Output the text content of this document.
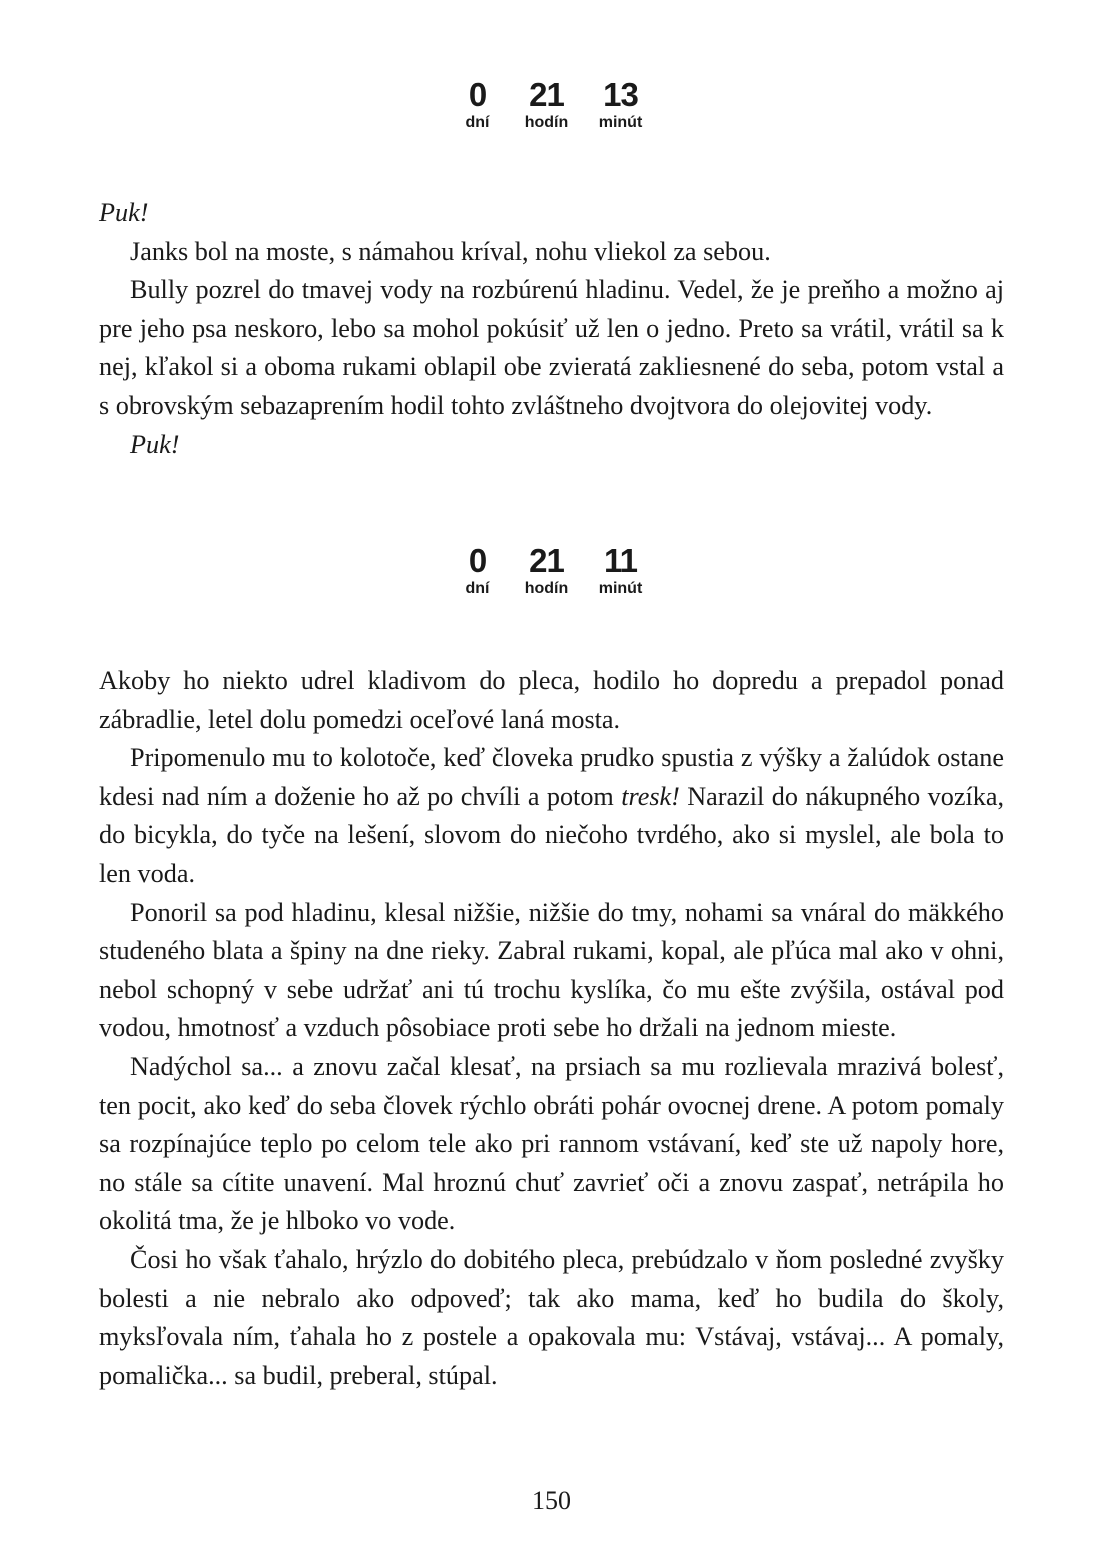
0
dní
21
hodín
13
minút

Puk!

Janks bol na moste, s námahou kríval, nohu vliekol za sebou.

Bully pozrel do tmavej vody na rozbúrenú hladinu. Vedel, že je preňho a možno aj pre jeho psa neskoro, lebo sa mohol pokúsiť už len o jedno. Preto sa vrátil, vrátil sa k nej, kľakol si a oboma rukami oblapil obe zvieratá zakliesnené do seba, potom vstal a s obrovským sebazaprením hodil tohto zvláštneho dvojtvora do olejovitej vody.

Puk!

0
dní
21
hodín
11
minút

Akoby ho niekto udrel kladivom do pleca, hodilo ho dopredu a prepadol ponad zábradlie, letel dolu pomedzi oceľové laná mosta.

Pripomenulo mu to kolotoče, keď človeka prudko spustia z výšky a žalúdok ostane kdesi nad ním a doženie ho až po chvíli a potom tresk! Narazil do nákupného vozíka, do bicykla, do tyče na lešení, slovom do niečoho tvrdého, ako si myslel, ale bola to len voda.

Ponoril sa pod hladinu, klesal nižšie, nižšie do tmy, nohami sa vnáral do mäkkého studeného blata a špiny na dne rieky. Zabral rukami, kopal, ale pľúca mal ako v ohni, nebol schopný v sebe udržať ani tú trochu kyslíka, čo mu ešte zvýšila, ostával pod vodou, hmotnosť a vzduch pôsobiace proti sebe ho držali na jednom mieste.

Nadýchol sa... a znovu začal klesať, na prsiach sa mu rozlievala mrazivá bolesť, ten pocit, ako keď do seba človek rýchlo obráti pohár ovocnej drene. A potom pomaly sa rozpínajúce teplo po celom tele ako pri rannom vstávaní, keď ste už napoly hore, no stále sa cítite unavení. Mal hroznú chuť zavrieť oči a znovu zaspať, netrápila ho okolitá tma, že je hlboko vo vode.

Čosi ho však ťahalo, hrýzlo do dobitého pleca, prebúdzalo v ňom posledné zvyšky bolesti a nie nebralo ako odpoveď; tak ako mama, keď ho budila do školy, myksľovala ním, ťahala ho z postele a opakovala mu: Vstávaj, vstávaj... A pomaly, pomalička... sa budil, preberal, stúpal.

150
